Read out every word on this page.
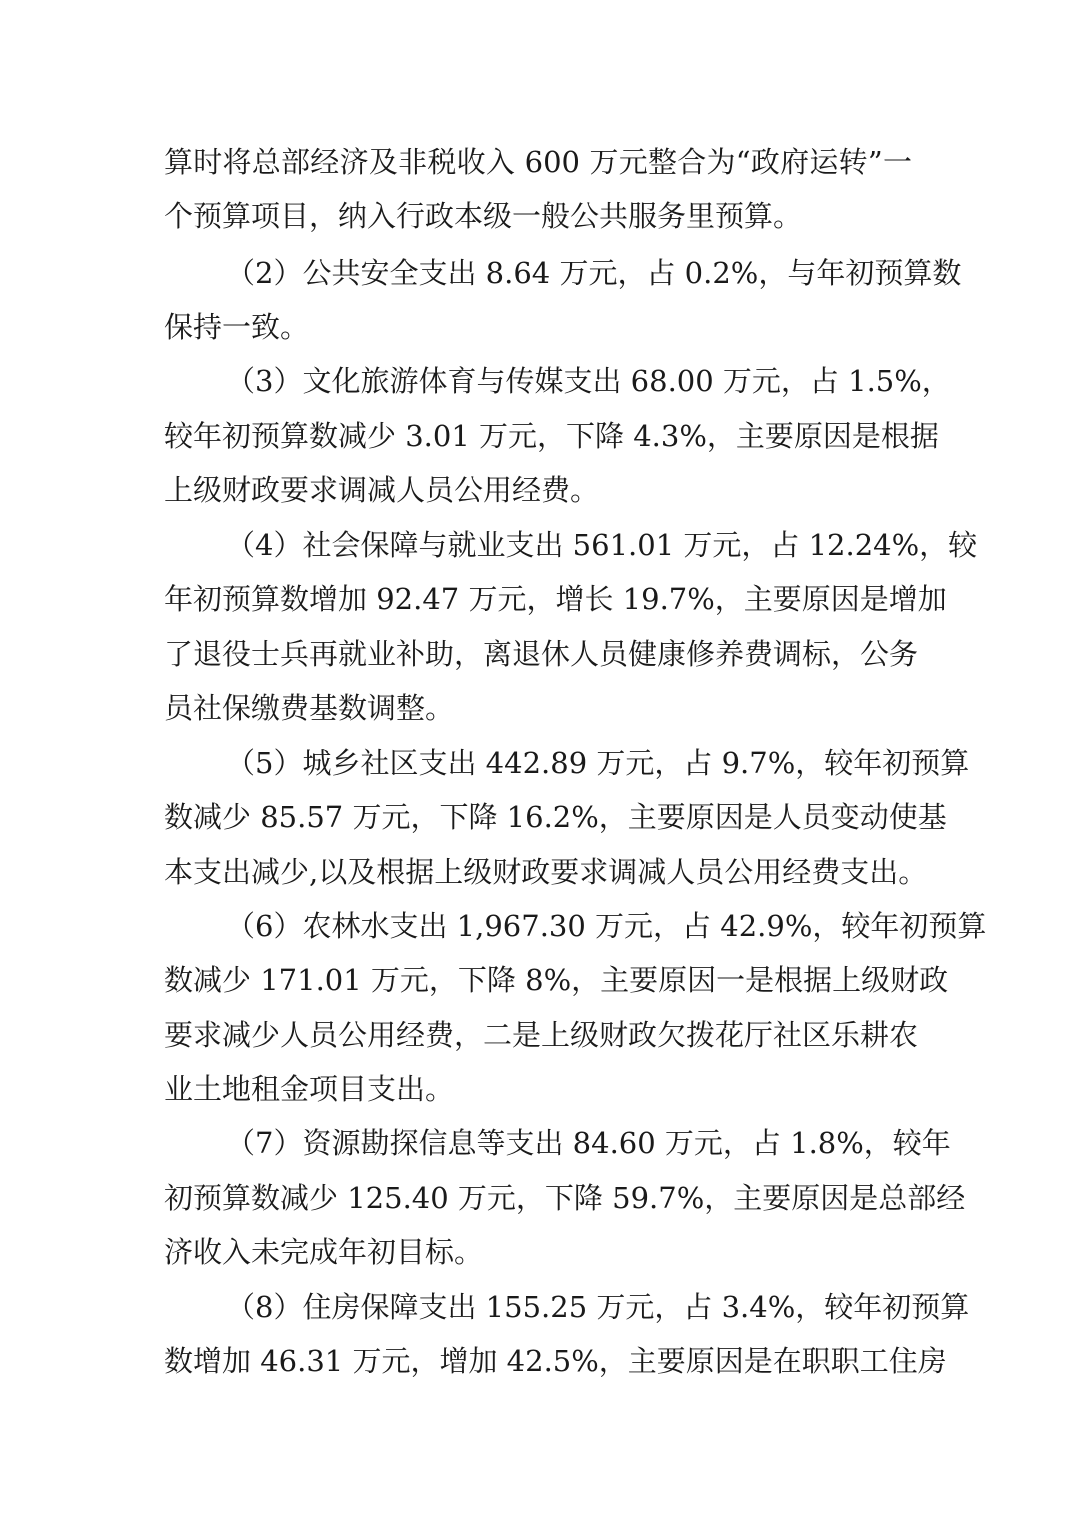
算时将总部经济及非税收入 600 万元整合为“政府运转”一

个预算项目，纳入行政本级一般公共服务里预算。

（2）公共安全支出 8.64 万元，占 0.2%，与年初预算数

保持一致。

（3）文化旅游体育与传媒支出 68.00 万元，占 1.5%，

较年初预算数减少 3.01 万元，下降 4.3%，主要原因是根据

上级财政要求调减人员公用经费。

（4）社会保障与就业支出 561.01 万元，占 12.24%，较

年初预算数增加 92.47 万元，增长 19.7%，主要原因是增加

了退役士兵再就业补助，离退休人员健康修养费调标，公务

员社保缴费基数调整。

（5）城乡社区支出 442.89 万元，占 9.7%，较年初预算

数减少 85.57 万元，下降 16.2%，主要原因是人员变动使基

本支出减少,以及根据上级财政要求调减人员公用经费支出。

（6）农林水支出 1,967.30 万元，占 42.9%，较年初预算

数减少 171.01 万元，下降 8%，主要原因一是根据上级财政

要求减少人员公用经费，二是上级财政欠拨花厅社区乐耕农

业土地租金项目支出。

（7）资源勘探信息等支出 84.60 万元，占 1.8%，较年

初预算数减少 125.40 万元，下降 59.7%，主要原因是总部经

济收入未完成年初目标。

（8）住房保障支出 155.25 万元，占 3.4%，较年初预算

数增加 46.31 万元，增加 42.5%，主要原因是在职职工住房
